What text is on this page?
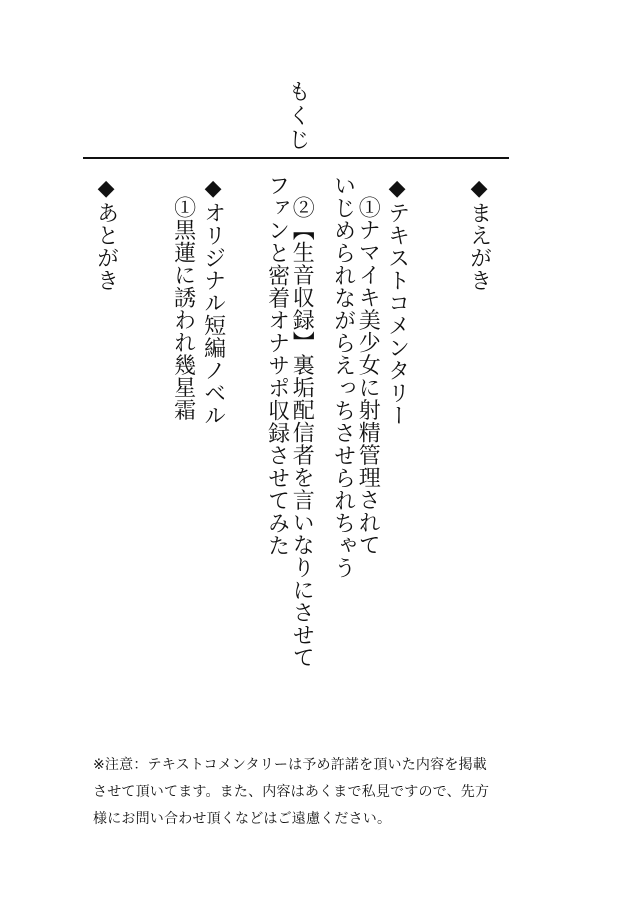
もくじ
◆まえがき
◆テキストコメンタリー
①ナマイキ美少女に射精管理されて
いじめられながらえっちさせられちゃう
②【生音収録】裏垢配信者を言いなりにさせて
ファンと密着オナサポ収録させてみた
◆オリジナル短編ノベル
①黒蓮に誘われ幾星霜
◆あとがき
※注意：テキストコメンタリーは予め許諾を頂いた内容を掲載
させて頂いてます。また、内容はあくまで私見ですので、先方
様にお問い合わせ頂くなどはご遠慮ください。
